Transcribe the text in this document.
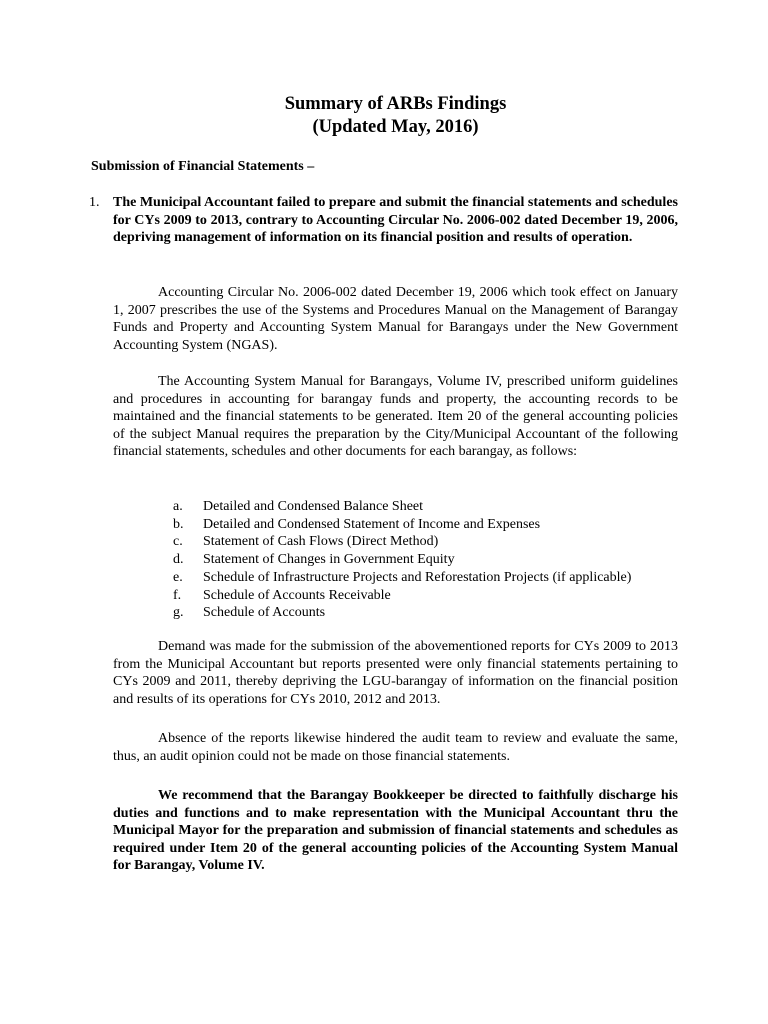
Summary of ARBs Findings
(Updated May, 2016)

Submission of Financial Statements –

1. The Municipal Accountant failed to prepare and submit the financial statements and schedules for CYs 2009 to 2013, contrary to Accounting Circular No. 2006-002 dated December 19, 2006, depriving management of information on its financial position and results of operation.

Accounting Circular No. 2006-002 dated December 19, 2006 which took effect on January 1, 2007 prescribes the use of the Systems and Procedures Manual on the Management of Barangay Funds and Property and Accounting System Manual for Barangays under the New Government Accounting System (NGAS).

The Accounting System Manual for Barangays, Volume IV, prescribed uniform guidelines and procedures in accounting for barangay funds and property, the accounting records to be maintained and the financial statements to be generated. Item 20 of the general accounting policies of the subject Manual requires the preparation by the City/Municipal Accountant of the following financial statements, schedules and other documents for each barangay, as follows:

a. Detailed and Condensed Balance Sheet
b. Detailed and Condensed Statement of Income and Expenses
c. Statement of Cash Flows (Direct Method)
d. Statement of Changes in Government Equity
e. Schedule of Infrastructure Projects and Reforestation Projects (if applicable)
f. Schedule of Accounts Receivable
g. Schedule of Accounts

Demand was made for the submission of the abovementioned reports for CYs 2009 to 2013 from the Municipal Accountant but reports presented were only financial statements pertaining to CYs 2009 and 2011, thereby depriving the LGU-barangay of information on the financial position and results of its operations for CYs 2010, 2012 and 2013.

Absence of the reports likewise hindered the audit team to review and evaluate the same, thus, an audit opinion could not be made on those financial statements.

We recommend that the Barangay Bookkeeper be directed to faithfully discharge his duties and functions and to make representation with the Municipal Accountant thru the Municipal Mayor for the preparation and submission of financial statements and schedules as required under Item 20 of the general accounting policies of the Accounting System Manual for Barangay, Volume IV.
